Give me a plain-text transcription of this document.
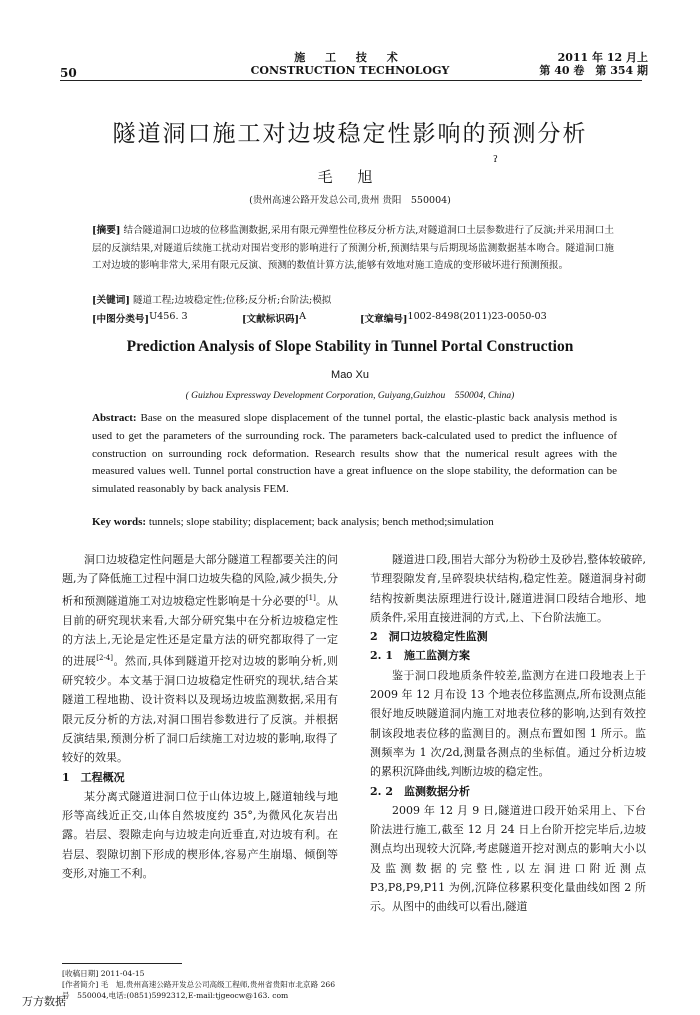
施 工 技 术
CONSTRUCTION TECHNOLOGY
2011 年 12 月上
第 40 卷　第 354 期
50
隧道洞口施工对边坡稳定性影响的预测分析
ʔ
毛 旭
(贵州高速公路开发总公司,贵州 贵阳　550004)
[摘要] 结合隧道洞口边坡的位移监测数据,采用有限元弹塑性位移反分析方法,对隧道洞口土层参数进行了反演;并采用洞口土层的反演结果,对隧道后续施工扰动对围岩变形的影响进行了预测分析,预测结果与后期现场监测数据基本吻合。隧道洞口施工对边坡的影响非常大,采用有限元反演、预测的数值计算方法,能够有效地对施工造成的变形破坏进行预测预报。
[关键词] 隧道工程;边坡稳定性;位移;反分析;台阶法;模拟
[中图分类号] U456. 3	[文献标识码] A	[文章编号] 1002-8498(2011)23-0050-03
Prediction Analysis of Slope Stability in Tunnel Portal Construction
Mao Xu
( Guizhou Expressway Development Corporation, Guiyang,Guizhou　550004, China)
Abstract: Base on the measured slope displacement of the tunnel portal, the elastic-plastic back analysis method is used to get the parameters of the surrounding rock. The parameters back-calculated used to predict the influence of construction on surrounding rock deformation. Research results show that the numerical result agrees with the measured values well. Tunnel portal construction have a great influence on the slope stability, the deformation can be simulated reasonably by back analysis FEM.
Key words: tunnels; slope stability; displacement; back analysis; bench method;simulation

洞口边坡稳定性问题是大部分隧道工程都要关注的问题,为了降低施工过程中洞口边坡失稳的风险,减少损失,分析和预测隧道施工对边坡稳定性影响是十分必要的[1]。从目前的研究现状来看,大部分研究集中在分析边坡稳定性的方法上,无论是定性还是定量方法的研究都取得了一定的进展[2-4]。然而,具体到隧道开挖对边坡的影响分析,则研究较少。本文基于洞口边坡稳定性研究的现状,结合某隧道工程地勘、设计资料以及现场边坡监测数据,采用有限元反分析的方法,对洞口围岩参数进行了反演。并根据反演结果,预测分析了洞口后续施工对边坡的影响,取得了较好的效果。

1　工程概况

某分离式隧道进洞口位于山体边坡上,隧道轴线与地形等高线近正交,山体自然坡度约 35°,为微风化灰岩出露。岩层、裂隙走向与边坡走向近垂直,对边坡有利。在岩层、裂隙切割下形成的楔形体,容易产生崩塌、倾倒等变形,对施工不利。

隧道进口段,围岩大部分为粉砂土及砂岩,整体较破碎,节理裂隙发育,呈碎裂块状结构,稳定性差。隧道洞身衬砌结构按新奥法原理进行设计,隧道进洞口段结合地形、地质条件,采用直接进洞的方式,上、下台阶法施工。

2　洞口边坡稳定性监测
2. 1　施工监测方案

鉴于洞口段地质条件较差,监测方在进口段地表上于 2009 年 12 月布设 13 个地表位移监测点,所布设测点能很好地反映隧道洞内施工对地表位移的影响,达到有效控制该段地表位移的监测目的。测点布置如图 1 所示。监测频率为 1 次/2d,测量各测点的坐标值。通过分析边坡的累积沉降曲线,判断边坡的稳定性。

2. 2　监测数据分析

2009 年 12 月 9 日,隧道进口段开始采用上、下台阶法进行施工,截至 12 月 24 日上台阶开挖完毕后,边坡测点均出现较大沉降,考虑隧道开挖对测点的影响大小以及监测数据的完整性,以左洞进口附近测点 P3,P8,P9,P11 为例,沉降位移累积变化量曲线如图 2 所示。从图中的曲线可以看出,隧道

[收稿日期] 2011-04-15
[作者简介] 毛　旭,贵州高速公路开发总公司高级工程师,贵州省贵阳市北京路 266 号　550004,电话:(0851)5992312,E-mail:tjgeocw@163. com
万方数据
